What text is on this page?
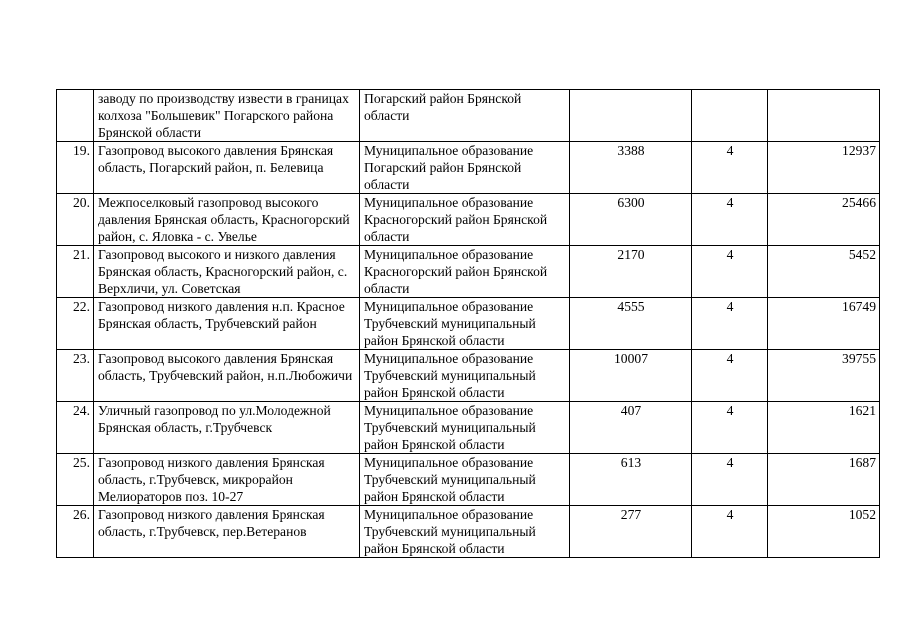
	заводу по производству извести в границах колхоза "Большевик" Погарского района Брянской области	Погарский район Брянской области			
19.	Газопровод высокого давления Брянская область, Погарский район, п. Белевица	Муниципальное образование Погарский район Брянской области	3388	4	12937
20.	Межпоселковый газопровод высокого давления Брянская область, Красногорский район, с. Яловка - с. Увелье	Муниципальное образование Красногорский район Брянской области	6300	4	25466
21.	Газопровод высокого и низкого давления Брянская область, Красногорский район, с. Верхличи, ул. Советская	Муниципальное образование Красногорский район Брянской области	2170	4	5452
22.	Газопровод низкого давления н.п. Красное Брянская область, Трубчевский район	Муниципальное образование Трубчевский муниципальный район Брянской области	4555	4	16749
23.	Газопровод высокого давления Брянская область, Трубчевский район, н.п.Любожичи	Муниципальное образование Трубчевский муниципальный район Брянской области	10007	4	39755
24.	Уличный газопровод по ул.Молодежной Брянская область, г.Трубчевск	Муниципальное образование Трубчевский муниципальный район Брянской области	407	4	1621
25.	Газопровод низкого давления Брянская область, г.Трубчевск, микрорайон Мелиораторов поз. 10-27	Муниципальное образование Трубчевский муниципальный район Брянской области	613	4	1687
26.	Газопровод низкого давления Брянская область, г.Трубчевск, пер.Ветеранов	Муниципальное образование Трубчевский муниципальный район Брянской области	277	4	1052
